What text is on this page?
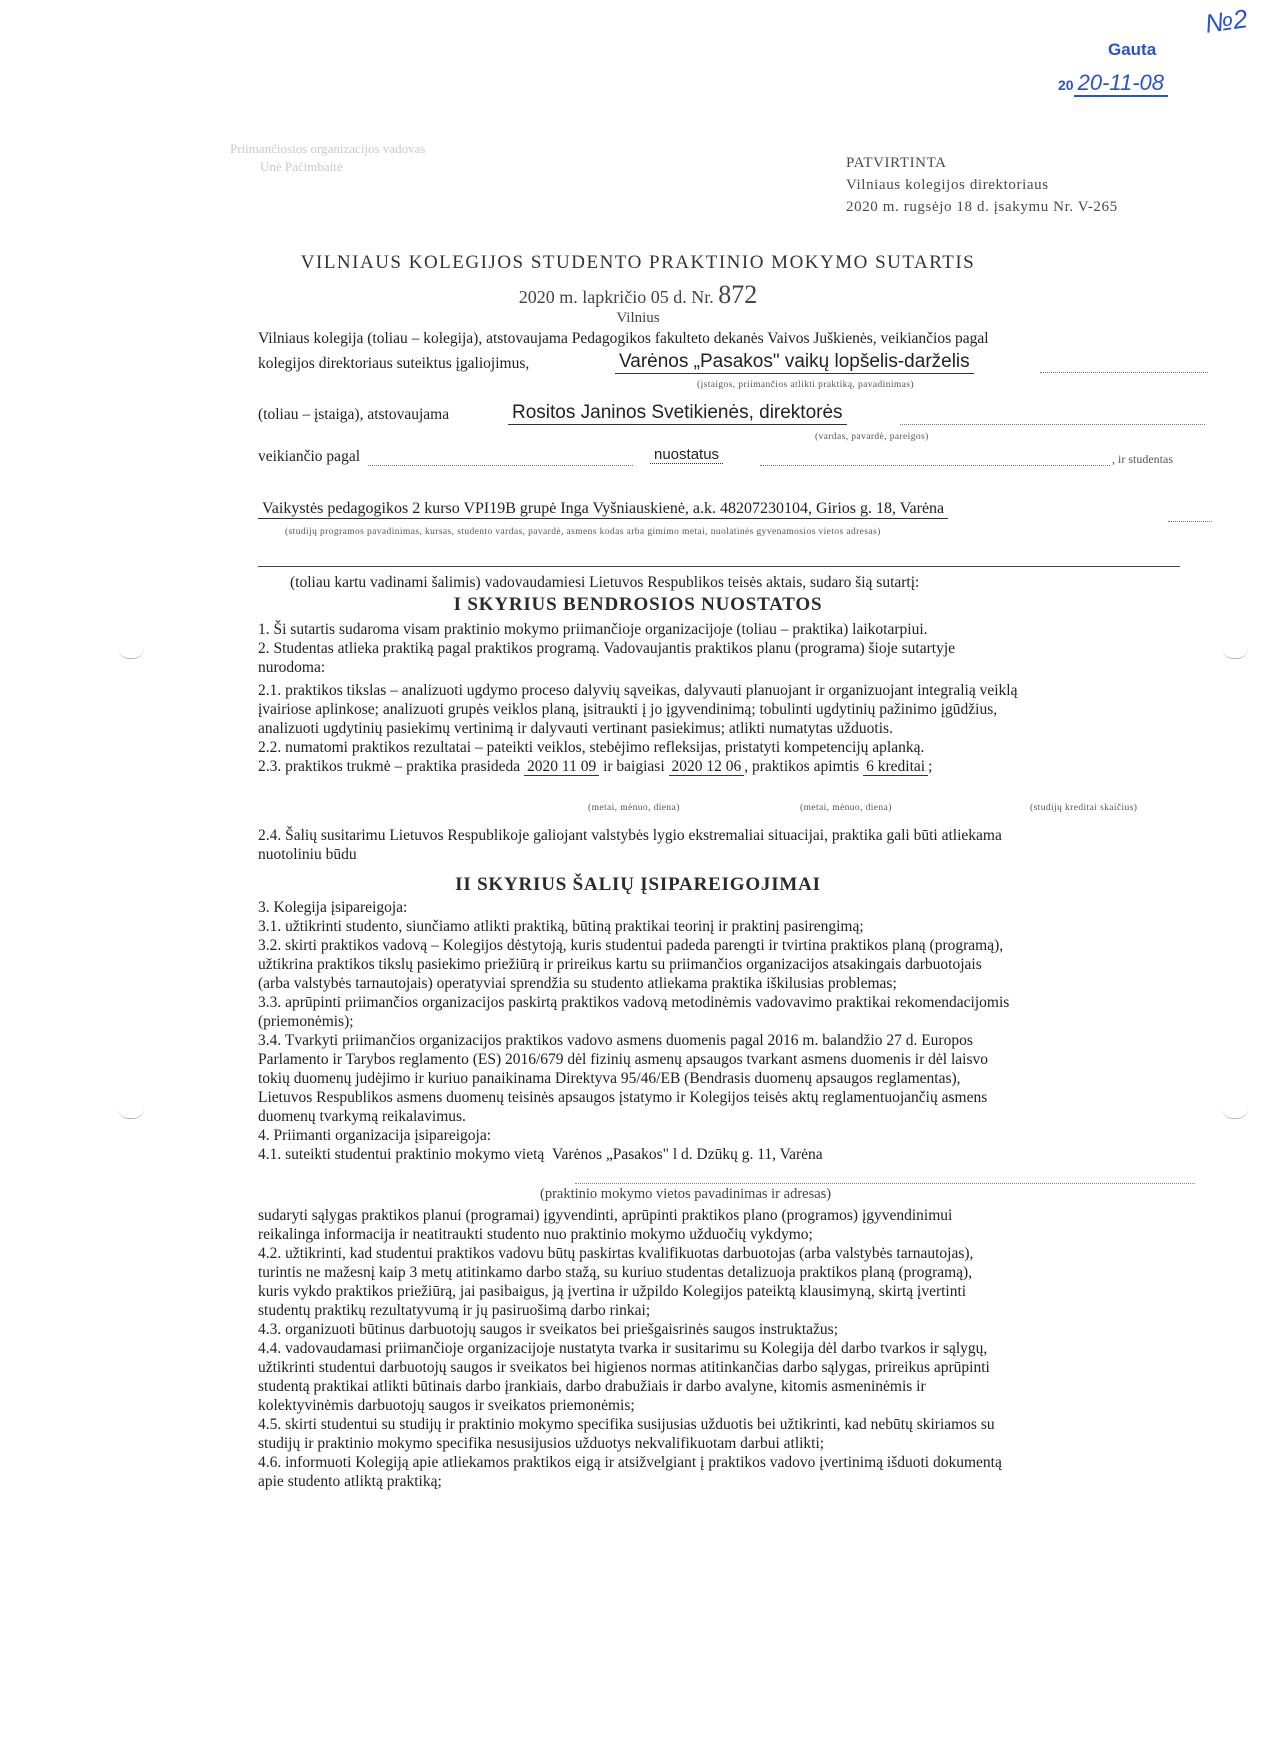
Gauta
№2
20 20-11-08
Priimančiosios organizacijos vadovas
Unė Pačimbaitė	PATVIRTINTA
Vilniaus kolegijos direktoriaus
2020 m. rugsėjo 18 d. įsakymu Nr. V-265
VILNIAUS KOLEGIJOS STUDENTO PRAKTINIO MOKYMO SUTARTIS
2020 m. lapkričio 05 d. Nr. 872
Vilnius
Vilniaus kolegija (toliau – kolegija), atstovaujama Pedagogikos fakulteto dekanės Vaivos Juškienės, veikiančios pagal
kolegijos direktoriaus suteiktus įgaliojimus,	Varėnos „Pasakos" vaikų lopšelis-darželis
(įstaigos, priimančios atlikti praktiką, pavadinimas)
(toliau – įstaiga), atstovaujama	Rositos Janinos Svetikienės, direktorės
(vardas, pavardė, pareigos)
veikiančio pagal	nuostatus	, ir studentas
Vaikystės pedagogikos 2 kurso VPI19B grupė Inga Vyšniauskienė, a.k. 48207230104, Girios g. 18, Varėna
(studijų programos pavadinimas, kursas, studento vardas, pavardė, asmens kodas arba gimimo metai, nuolatinės gyvenamosios vietos adresas)
(toliau kartu vadinami šalimis) vadovaudamiesi Lietuvos Respublikos teisės aktais, sudaro šią sutartį:
I SKYRIUS BENDROSIOS NUOSTATOS
1. Ši sutartis sudaroma visam praktinio mokymo priimančioje organizacijoje (toliau – praktika) laikotarpiui.
2. Studentas atlieka praktiką pagal praktikos programą. Vadovaujantis praktikos planu (programa) šioje sutartyje
nurodoma:
2.1. praktikos tikslas – analizuoti ugdymo proceso dalyvių sąveikas, dalyvauti planuojant ir organizuojant integralią veiklą
įvairiose aplinkose; analizuoti grupės veiklos planą, įsitraukti į jo įgyvendinimą; tobulinti ugdytinių pažinimo įgūdžius,
analizuoti ugdytinių pasiekimų vertinimą ir dalyvauti vertinant pasiekimus; atlikti numatytas užduotis.
2.2. numatomi praktikos rezultatai – pateikti veiklos, stebėjimo refleksijas, pristatyti kompetencijų aplanką.
2.3. praktikos trukmė – praktika prasideda 2020 11 09 ir baigiasi 2020 12 06 , praktikos apimtis 6 kreditai ;
(metai, mėnuo, diena)	(metai, mėnuo, diena)	(studijų kreditai skaičius)
2.4. Šalių susitarimu Lietuvos Respublikoje galiojant valstybės lygio ekstremaliai situacijai, praktika gali būti atliekama
nuotoliniu būdu
II SKYRIUS ŠALIŲ ĮSIPAREIGOJIMAI
3. Kolegija įsipareigoja:
3.1. užtikrinti studento, siunčiamo atlikti praktiką, būtiną praktikai teorinį ir praktinį pasirengimą;
3.2. skirti praktikos vadovą – Kolegijos dėstytoją, kuris studentui padeda parengti ir tvirtina praktikos planą (programą),
užtikrina praktikos tikslų pasiekimo priežiūrą ir prireikus kartu su priimančios organizacijos atsakingais darbuotojais
(arba valstybės tarnautojais) operatyviai sprendžia su studento atliekama praktika iškilusias problemas;
3.3. aprūpinti priimančios organizacijos paskirtą praktikos vadovą metodinėmis vadovavimo praktikai rekomendacijomis
(priemonėmis);
3.4. Tvarkyti priimančios organizacijos praktikos vadovo asmens duomenis pagal 2016 m. balandžio 27 d. Europos
Parlamento ir Tarybos reglamento (ES) 2016/679 dėl fizinių asmenų apsaugos tvarkant asmens duomenis ir dėl laisvo
tokių duomenų judėjimo ir kuriuo panaikinama Direktyva 95/46/EB (Bendrasis duomenų apsaugos reglamentas),
Lietuvos Respublikos asmens duomenų teisinės apsaugos įstatymo ir Kolegijos teisės aktų reglamentuojančių asmens
duomenų tvarkymą reikalavimus.
4. Priimanti organizacija įsipareigoja:
4.1. suteikti studentui praktinio mokymo vietą Varėnos „Pasakos" l d. Dzūkų g. 11, Varėna
(praktinio mokymo vietos pavadinimas ir adresas)
sudaryti sąlygas praktikos planui (programai) įgyvendinti, aprūpinti praktikos plano (programos) įgyvendinimui
reikalinga informacija ir neatitraukti studento nuo praktinio mokymo užduočių vykdymo;
4.2. užtikrinti, kad studentui praktikos vadovu būtų paskirtas kvalifikuotas darbuotojas (arba valstybės tarnautojas),
turintis ne mažesnį kaip 3 metų atitinkamo darbo stažą, su kuriuo studentas detalizuoja praktikos planą (programą),
kuris vykdo praktikos priežiūrą, jai pasibaigus, ją įvertina ir užpildo Kolegijos pateiktą klausimyną, skirtą įvertinti
studentų praktikų rezultatyvumą ir jų pasiruošimą darbo rinkai;
4.3. organizuoti būtinus darbuotojų saugos ir sveikatos bei priešgaisrinės saugos instruktažus;
4.4. vadovaudamasi priimančioje organizacijoje nustatyta tvarka ir susitarimu su Kolegija dėl darbo tvarkos ir sąlygų,
užtikrinti studentui darbuotojų saugos ir sveikatos bei higienos normas atitinkančias darbo sąlygas, prireikus aprūpinti
studentą praktikai atlikti būtinais darbo įrankiais, darbo drabužiais ir darbo avalyne, kitomis asmeninėmis ir
kolektyvinėmis darbuotojų saugos ir sveikatos priemonėmis;
4.5. skirti studentui su studijų ir praktinio mokymo specifika susijusias užduotis bei užtikrinti, kad nebūtų skiriamos su
studijų ir praktinio mokymo specifika nesusijusios užduotys nekvalifikuotam darbui atlikti;
4.6. informuoti Kolegiją apie atliekamos praktikos eigą ir atsižvelgiant į praktikos vadovo įvertinimą išduoti dokumentą
apie studento atliktą praktiką;
